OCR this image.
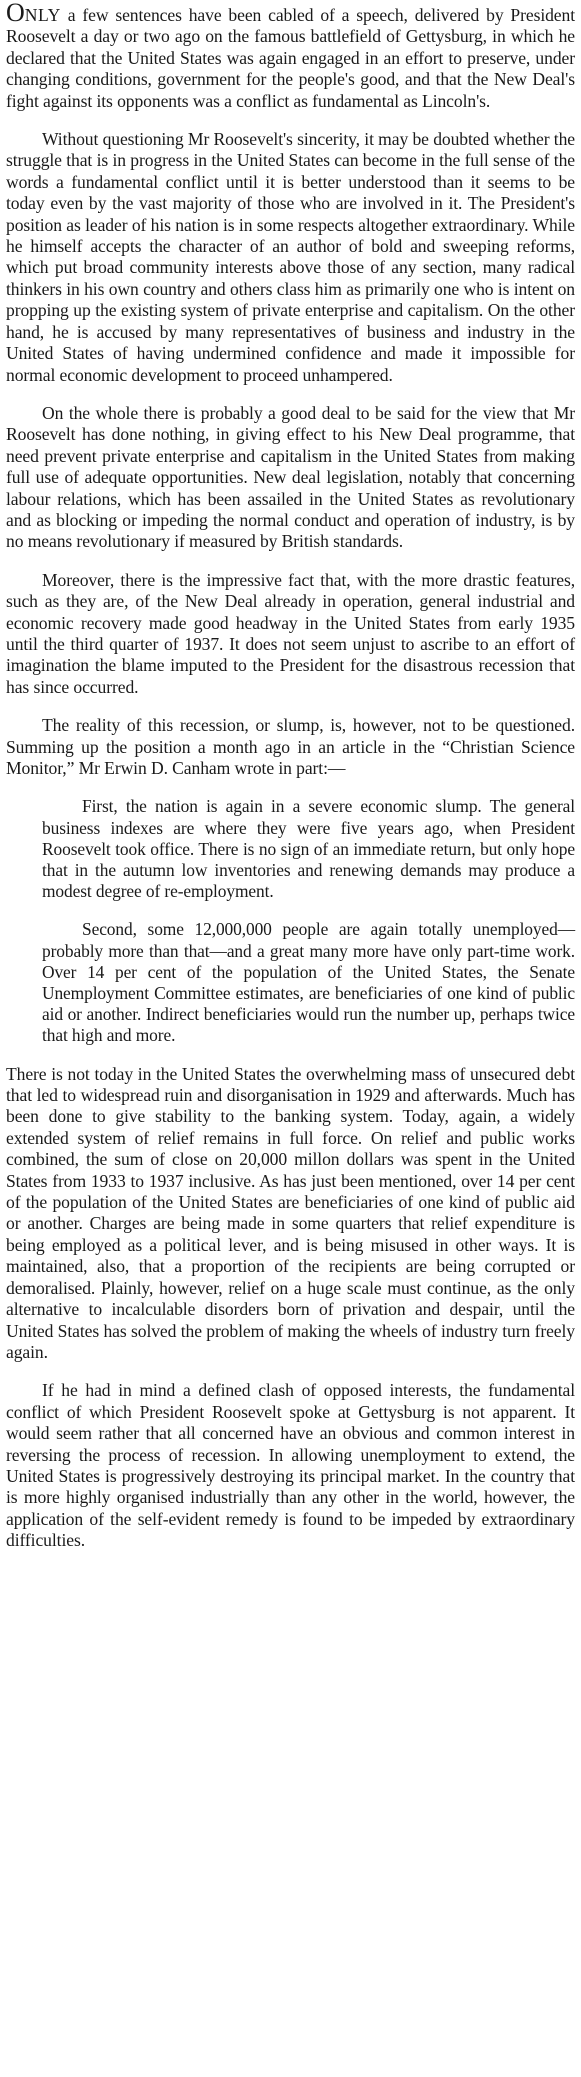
ONLY a few sentences have been cabled of a speech, delivered by President Roosevelt a day or two ago on the famous battlefield of Gettysburg, in which he declared that the United States was again engaged in an effort to preserve, under changing conditions, government for the people's good, and that the New Deal's fight against its opponents was a conflict as fundamental as Lincoln's.

Without questioning Mr Roosevelt's sincerity, it may be doubted whether the struggle that is in progress in the United States can become in the full sense of the words a fundamental conflict until it is better understood than it seems to be today even by the vast majority of those who are involved in it. The President's position as leader of his nation is in some respects altogether extraordinary. While he himself accepts the character of an author of bold and sweeping reforms, which put broad community interests above those of any section, many radical thinkers in his own country and others class him as primarily one who is intent on propping up the existing system of private enterprise and capitalism. On the other hand, he is accused by many representatives of business and industry in the United States of having undermined confidence and made it impossible for normal economic development to proceed unhampered.

On the whole there is probably a good deal to be said for the view that Mr Roosevelt has done nothing, in giving effect to his New Deal programme, that need prevent private enterprise and capitalism in the United States from making full use of adequate opportunities. New deal legislation, notably that concerning labour relations, which has been assailed in the United States as revolutionary and as blocking or impeding the normal conduct and operation of industry, is by no means revolutionary if measured by British standards.

Moreover, there is the impressive fact that, with the more drastic features, such as they are, of the New Deal already in operation, general industrial and economic recovery made good headway in the United States from early 1935 until the third quarter of 1937. It does not seem unjust to ascribe to an effort of imagination the blame imputed to the President for the disastrous recession that has since occurred.

The reality of this recession, or slump, is, however, not to be questioned. Summing up the position a month ago in an article in the “Christian Science Monitor,” Mr Erwin D. Canham wrote in part:—

First, the nation is again in a severe economic slump. The general business indexes are where they were five years ago, when President Roosevelt took office. There is no sign of an immediate return, but only hope that in the autumn low inventories and renewing demands may produce a modest degree of re-employment.

Second, some 12,000,000 people are again totally unemployed—probably more than that—and a great many more have only part-time work. Over 14 per cent of the population of the United States, the Senate Unemployment Committee estimates, are beneficiaries of one kind of public aid or another. Indirect beneficiaries would run the number up, perhaps twice that high and more.

There is not today in the United States the overwhelming mass of unsecured debt that led to widespread ruin and disorganisation in 1929 and afterwards. Much has been done to give stability to the banking system. Today, again, a widely extended system of relief remains in full force. On relief and public works combined, the sum of close on 20,000 millon dollars was spent in the United States from 1933 to 1937 inclusive. As has just been mentioned, over 14 per cent of the population of the United States are beneficiaries of one kind of public aid or another. Charges are being made in some quarters that relief expenditure is being employed as a political lever, and is being misused in other ways. It is maintained, also, that a proportion of the recipients are being corrupted or demoralised. Plainly, however, relief on a huge scale must continue, as the only alternative to incalculable disorders born of privation and despair, until the United States has solved the problem of making the wheels of industry turn freely again.

If he had in mind a defined clash of opposed interests, the fundamental conflict of which President Roosevelt spoke at Gettysburg is not apparent. It would seem rather that all concerned have an obvious and common interest in reversing the process of recession. In allowing unemployment to extend, the United States is progressively destroying its principal market. In the country that is more highly organised industrially than any other in the world, however, the application of the self-evident remedy is found to be impeded by extraordinary difficulties.
